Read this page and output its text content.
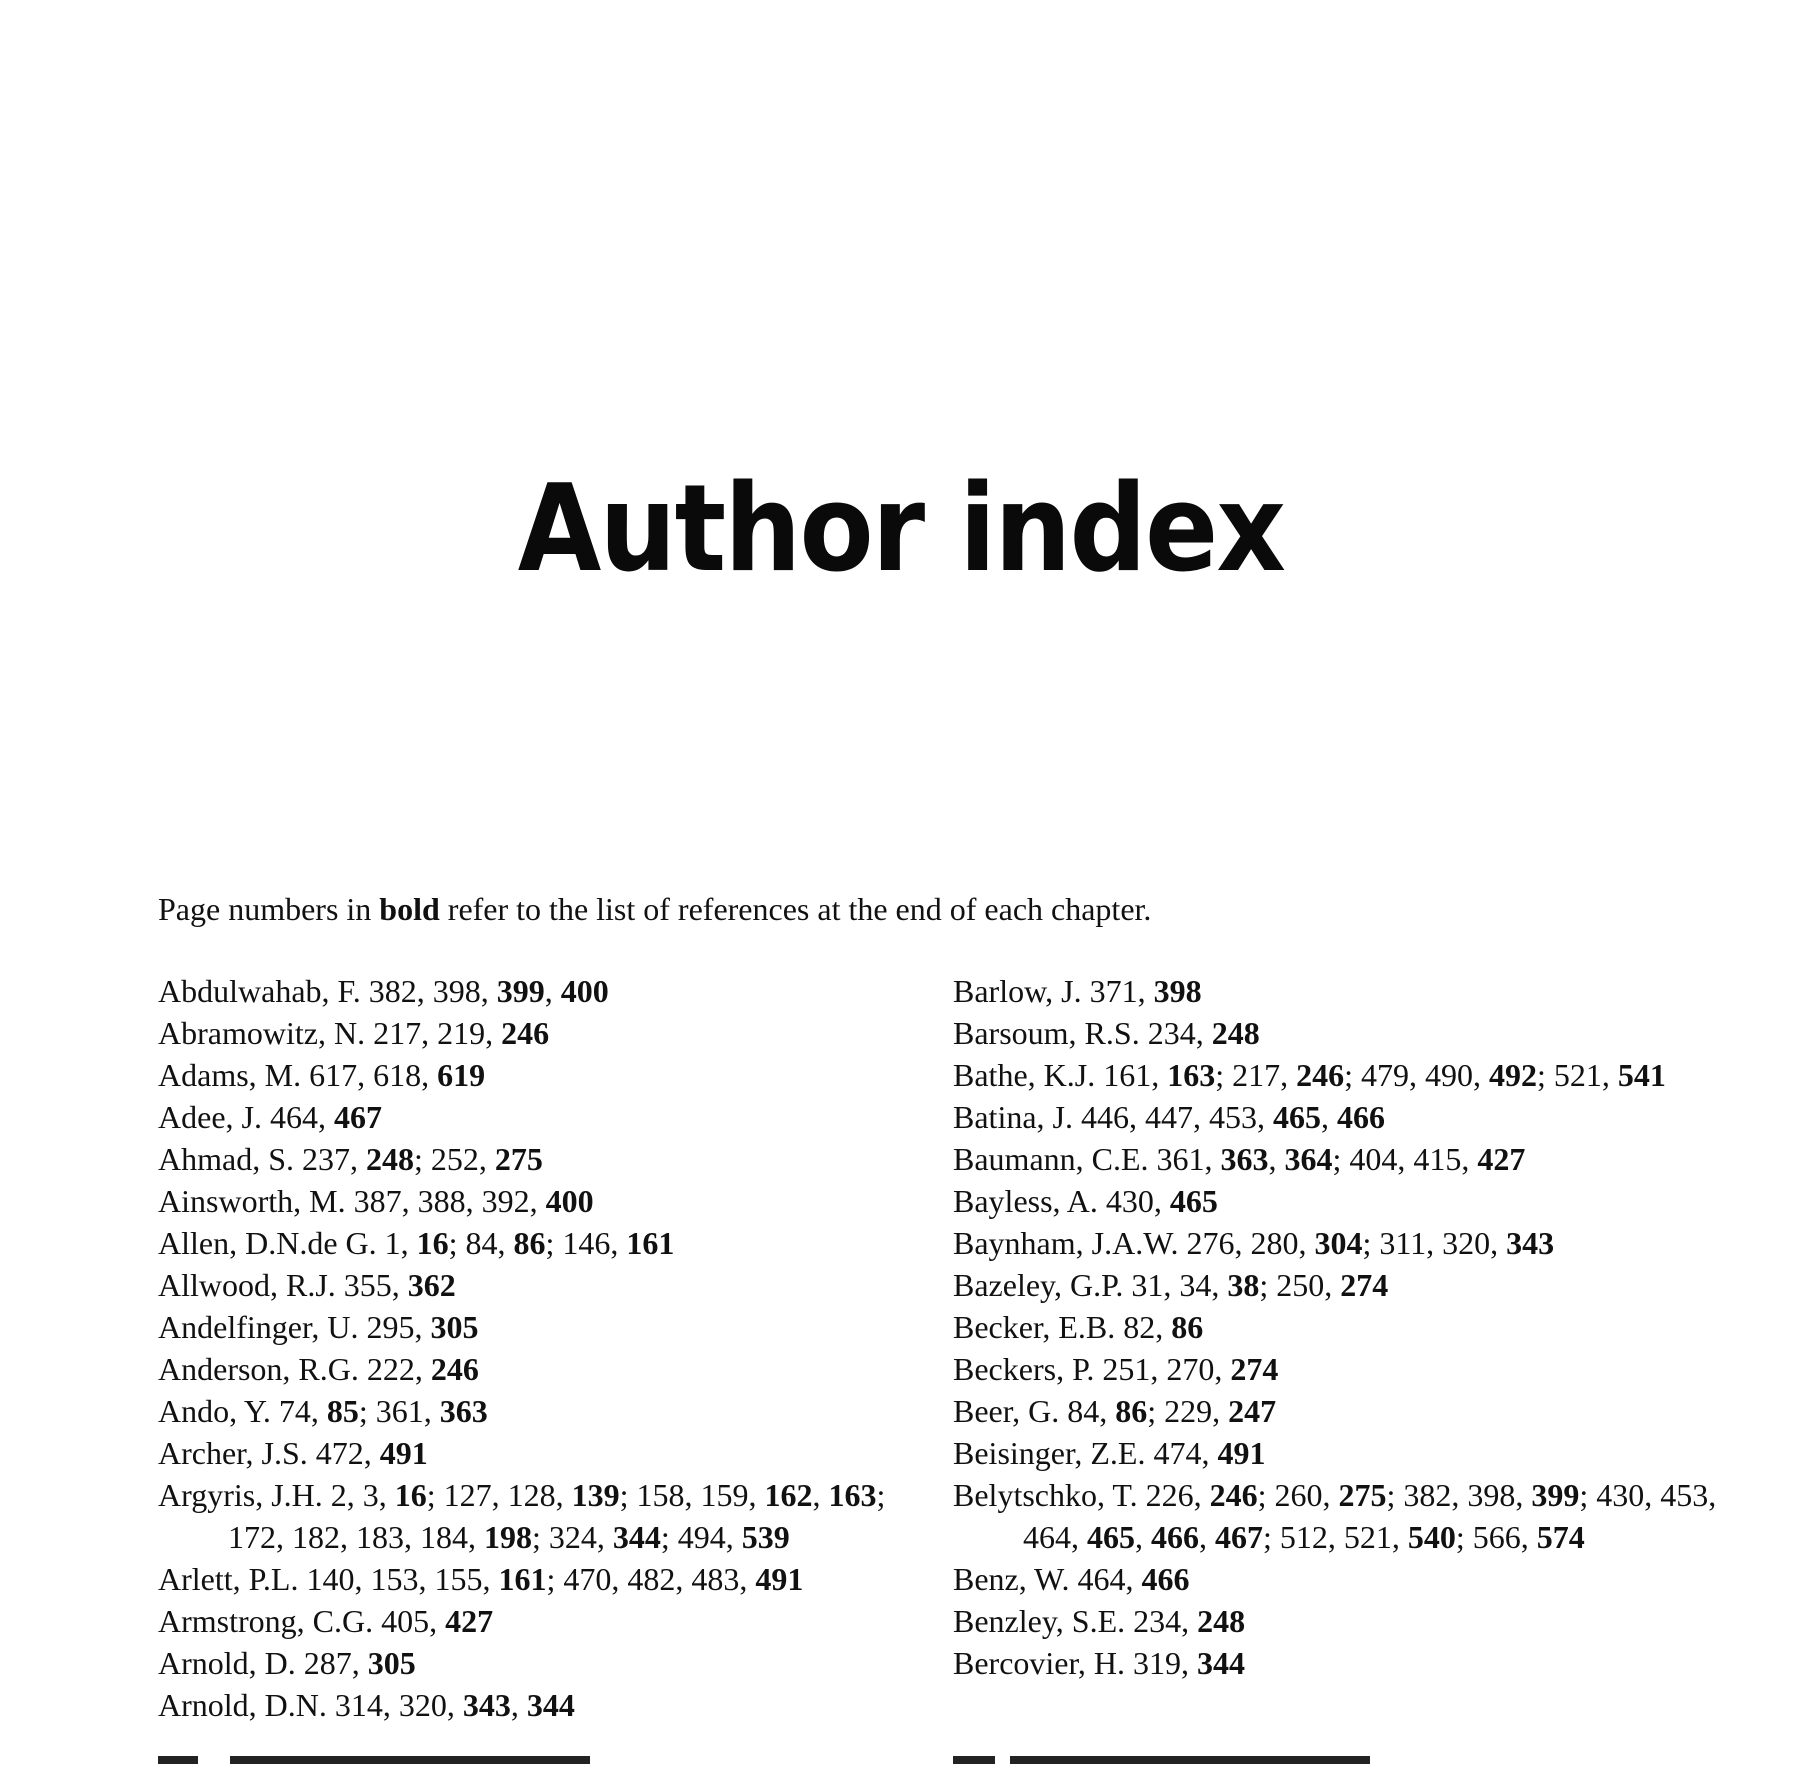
Author index
Page numbers in bold refer to the list of references at the end of each chapter.

Abdulwahab, F. 382, 398, 399, 400

Abramowitz, N. 217, 219, 246

Adams, M. 617, 618, 619

Adee, J. 464, 467

Ahmad, S. 237, 248; 252, 275

Ainsworth, M. 387, 388, 392, 400

Allen, D.N.de G. 1, 16; 84, 86; 146, 161

Allwood, R.J. 355, 362

Andelfinger, U. 295, 305

Anderson, R.G. 222, 246

Ando, Y. 74, 85; 361, 363

Archer, J.S. 472, 491

Argyris, J.H. 2, 3, 16; 127, 128, 139; 158, 159, 162, 163; 172, 182, 183, 184, 198; 324, 344; 494, 539

Arlett, P.L. 140, 153, 155, 161; 470, 482, 483, 491

Armstrong, C.G. 405, 427

Arnold, D. 287, 305

Arnold, D.N. 314, 320, 343, 344

Barlow, J. 371, 398

Barsoum, R.S. 234, 248

Bathe, K.J. 161, 163; 217, 246; 479, 490, 492; 521, 541

Batina, J. 446, 447, 453, 465, 466

Baumann, C.E. 361, 363, 364; 404, 415, 427

Bayless, A. 430, 465

Baynham, J.A.W. 276, 280, 304; 311, 320, 343

Bazeley, G.P. 31, 34, 38; 250, 274

Becker, E.B. 82, 86

Beckers, P. 251, 270, 274

Beer, G. 84, 86; 229, 247

Beisinger, Z.E. 474, 491

Belytschko, T. 226, 246; 260, 275; 382, 398, 399; 430, 453, 464, 465, 466, 467; 512, 521, 540; 566, 574

Benz, W. 464, 466

Benzley, S.E. 234, 248

Bercovier, H. 319, 344
